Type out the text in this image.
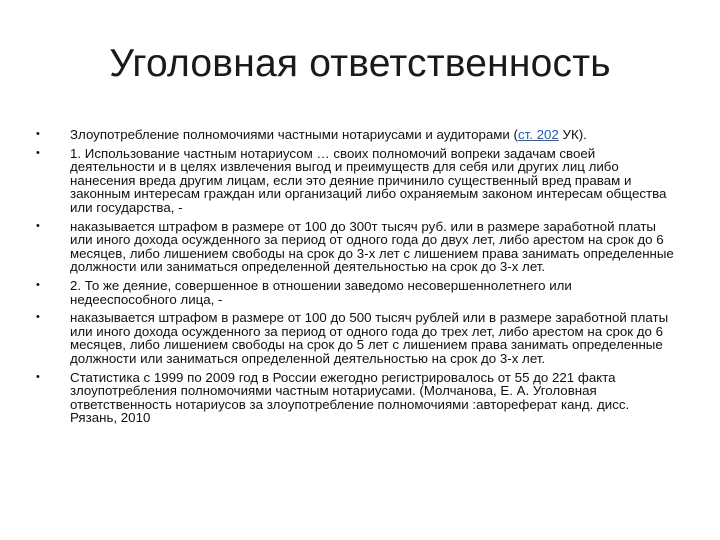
Уголовная ответственность
• Злоупотребление полномочиями частными нотариусами и аудиторами (ст. 202 УК).
• 1. Использование частным нотариусом … своих полномочий вопреки задачам своей деятельности и в целях извлечения выгод и преимуществ для себя или других лиц либо нанесения вреда другим лицам, если это деяние причинило существенный вред правам и законным интересам граждан или организаций либо охраняемым законом интересам общества или государства, -
• наказывается штрафом в размере от 100 до 300т тысяч руб. или в размере заработной платы или иного дохода осужденного за период от одного года до двух лет, либо арестом на срок до 6 месяцев, либо лишением свободы на срок до 3-х лет с лишением права занимать определенные должности или заниматься определенной деятельностью на срок до 3-х лет.
• 2. То же деяние, совершенное в отношении заведомо несовершеннолетнего или недееспособного лица, -
• наказывается штрафом в размере от 100 до 500 тысяч рублей или в размере заработной платы или иного дохода осужденного за период от одного года до трех лет, либо арестом на срок до 6 месяцев, либо лишением свободы на срок до 5 лет с лишением права занимать определенные должности или заниматься определенной деятельностью на срок до 3-х лет.
• Статистика с 1999 по 2009 год в России ежегодно регистрировалось от 55 до 221 факта злоупотребления полномочиями частным нотариусами. (Молчанова, Е. А. Уголовная ответственность нотариусов за злоупотребление полномочиями :автореферат канд. дисс. Рязань, 2010
